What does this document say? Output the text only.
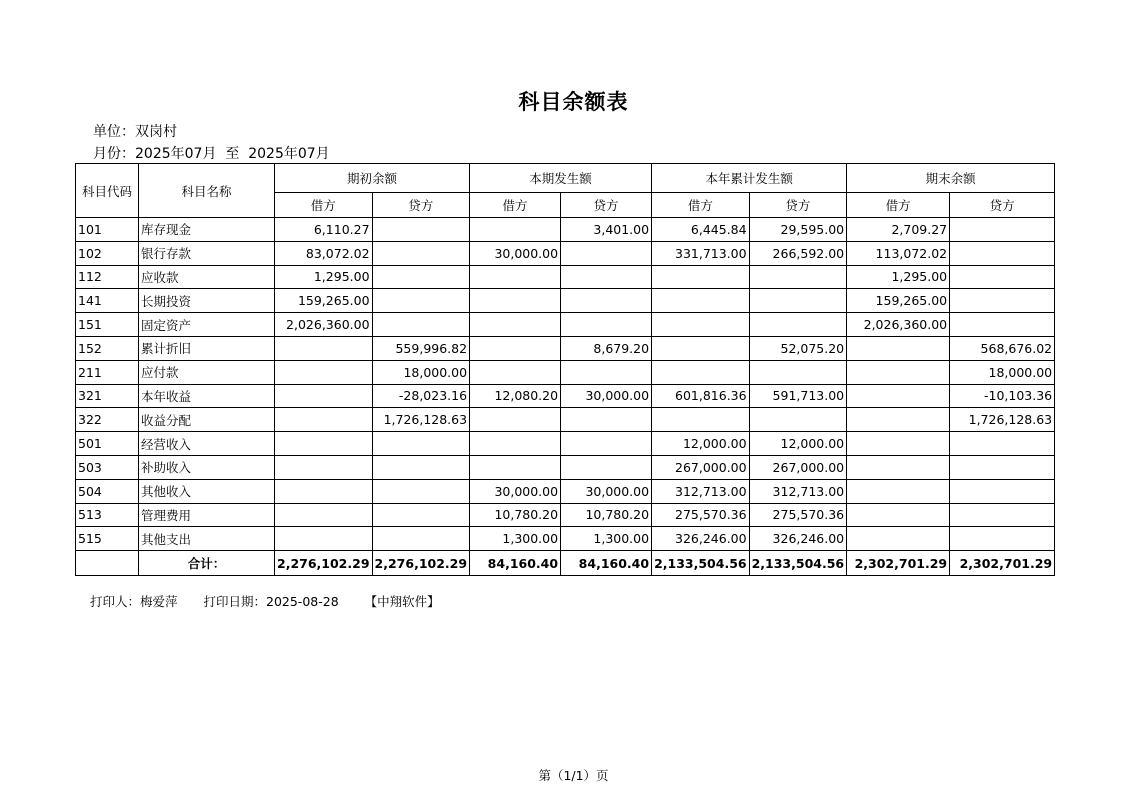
科目余额表
单位：双岗村
月份：2025年07月  至  2025年07月
科目代码	科目名称	期初余额		本期发生额		本年累计发生额		期末余额	
		借方	贷方	借方	贷方	借方	贷方	借方	贷方
101	库存现金	6,110.27			3,401.00	6,445.84	29,595.00	2,709.27	
102	银行存款	83,072.02		30,000.00		331,713.00	266,592.00	113,072.02	
112	应收款	1,295.00						1,295.00	
141	长期投资	159,265.00						159,265.00	
151	固定资产	2,026,360.00						2,026,360.00	
152	累计折旧		559,996.82		8,679.20		52,075.20		568,676.02
211	应付款		18,000.00						18,000.00
321	本年收益		-28,023.16	12,080.20	30,000.00	601,816.36	591,713.00		-10,103.36
322	收益分配		1,726,128.63						1,726,128.63
501	经营收入					12,000.00	12,000.00		
503	补助收入					267,000.00	267,000.00		
504	其他收入			30,000.00	30,000.00	312,713.00	312,713.00		
513	管理费用			10,780.20	10,780.20	275,570.36	275,570.36		
515	其他支出			1,300.00	1,300.00	326,246.00	326,246.00		
	合计：	2,276,102.29	2,276,102.29	84,160.40	84,160.40	2,133,504.56	2,133,504.56	2,302,701.29	2,302,701.29
打印人：梅爱萍 打印日期：2025-08-28 【中翔软件】
第（1/1）页
